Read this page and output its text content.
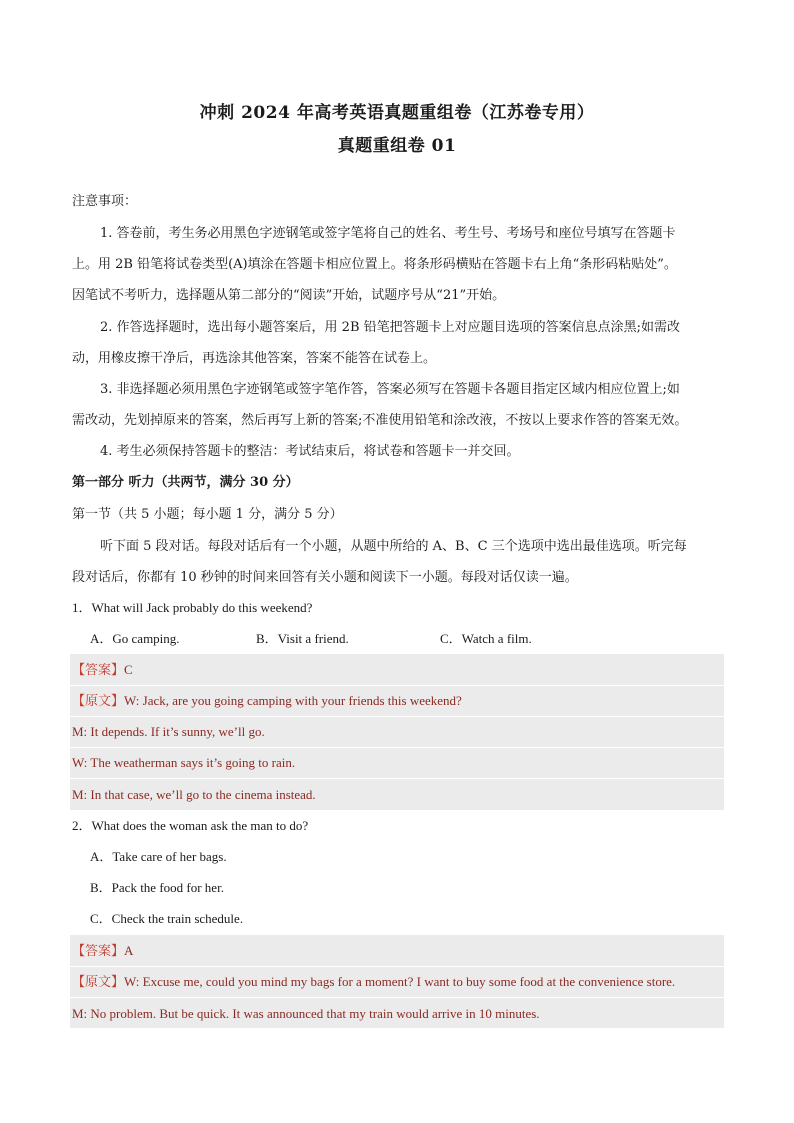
冲刺 2024 年高考英语真题重组卷（江苏卷专用）
真题重组卷 01
注意事项：
1. 答卷前，考生务必用黑色字迹钢笔或签字笔将自己的姓名、考生号、考场号和座位号填写在答题卡
上。用 2B 铅笔将试卷类型(A)填涂在答题卡相应位置上。将条形码横贴在答题卡右上角“条形码粘贴处”。
因笔试不考听力，选择题从第二部分的“阅读”开始，试题序号从“21”开始。
2. 作答选择题时，选出每小题答案后，用 2B 铅笔把答题卡上对应题目选项的答案信息点涂黑;如需改
动，用橡皮擦干净后，再选涂其他答案，答案不能答在试卷上。
3. 非选择题必须用黑色字迹钢笔或签字笔作答，答案必须写在答题卡各题目指定区域内相应位置上;如
需改动，先划掉原来的答案，然后再写上新的答案;不准使用铅笔和涂改液，不按以上要求作答的答案无效。
4. 考生必须保持答题卡的整洁：考试结束后，将试卷和答题卡一并交回。
第一部分 听力（共两节，满分 30 分）
第一节（共 5 小题；每小题 1 分，满分 5 分）
听下面 5 段对话。每段对话后有一个小题，从题中所给的 A、B、C 三个选项中选出最佳选项。听完每
段对话后，你都有 10 秒钟的时间来回答有关小题和阅读下一小题。每段对话仅读一遍。
1．What will Jack probably do this weekend?
A．Go camping.	B．Visit a friend.	C．Watch a film.
【答案】C
【原文】W: Jack, are you going camping with your friends this weekend?
M: It depends. If it’s sunny, we’ll go.
W: The weatherman says it’s going to rain.
M: In that case, we’ll go to the cinema instead.
2．What does the woman ask the man to do?
A．Take care of her bags.
B．Pack the food for her.
C．Check the train schedule.
【答案】A
【原文】W: Excuse me, could you mind my bags for a moment? I want to buy some food at the convenience store.
M: No problem. But be quick. It was announced that my train would arrive in 10 minutes.
